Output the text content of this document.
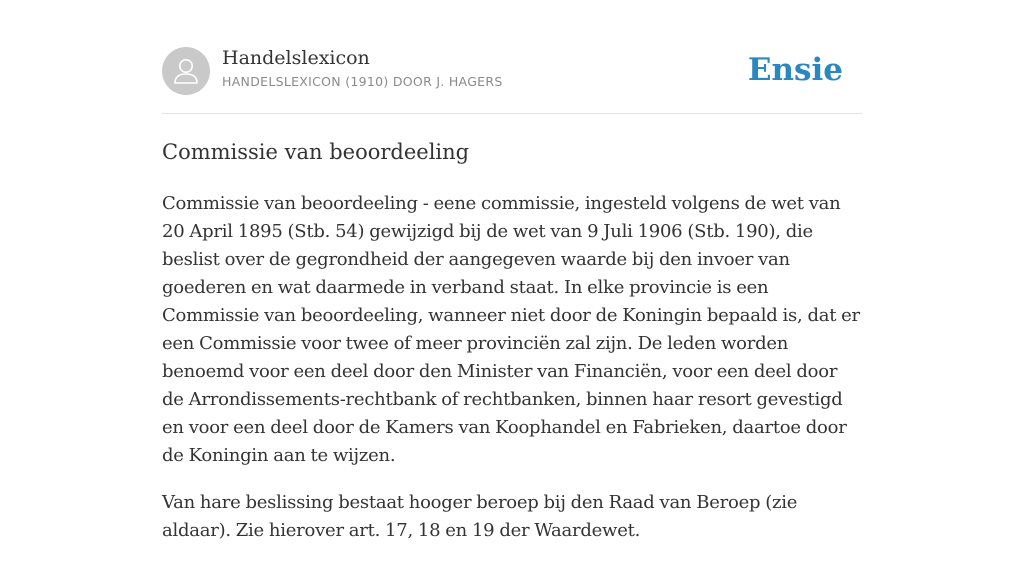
Handelslexicon
HANDELSLEXICON (1910) DOOR J. HAGERS	Ensie
Commissie van beoordeeling

Commissie van beoordeeling - eene commissie, ingesteld volgens de wet van 20 April 1895 (Stb. 54) gewijzigd bij de wet van 9 Juli 1906 (Stb. 190), die beslist over de gegrondheid der aangegeven waarde bij den invoer van goederen en wat daarmede in verband staat. In elke provincie is een Commissie van beoordeeling, wanneer niet door de Koningin bepaald is, dat er een Commissie voor twee of meer provinciën zal zijn. De leden worden benoemd voor een deel door den Minister van Financiën, voor een deel door de Arrondissements-rechtbank of rechtbanken, binnen haar resort gevestigd en voor een deel door de Kamers van Koophandel en Fabrieken, daartoe door de Koningin aan te wijzen.

Van hare beslissing bestaat hooger beroep bij den Raad van Beroep (zie aldaar). Zie hierover art. 17, 18 en 19 der Waardewet.
